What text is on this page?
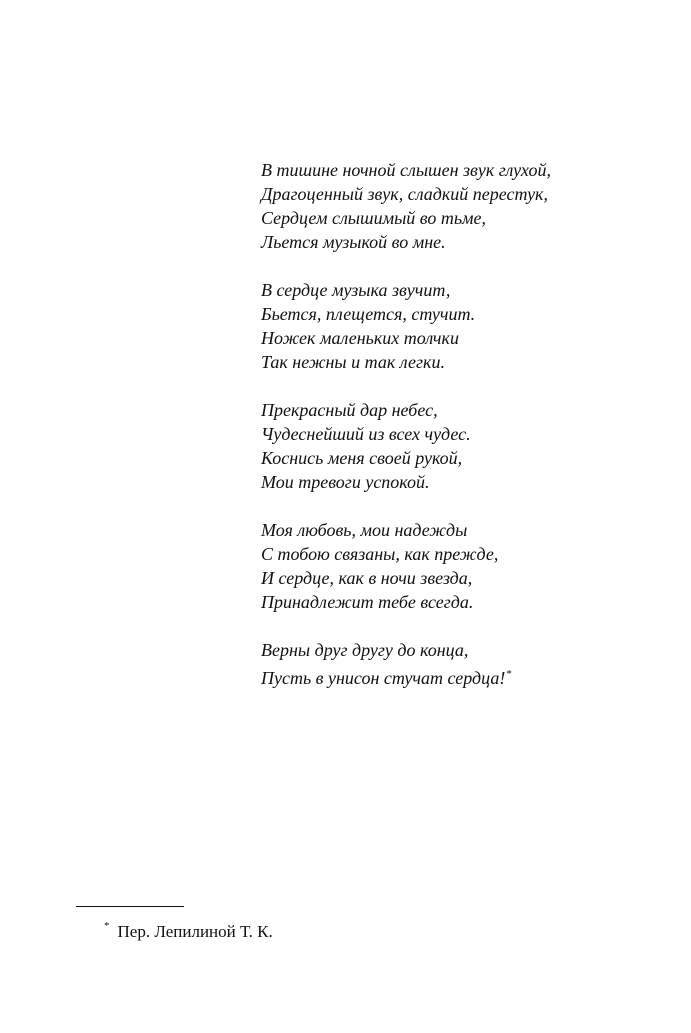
В тишине ночной слышен звук глухой,
Драгоценный звук, сладкий перестук,
Сердцем слышимый во тьме,
Льется музыкой во мне.
В сердце музыка звучит,
Бьется, плещется, стучит.
Ножек маленьких толчки
Так нежны и так легки.
Прекрасный дар небес,
Чудеснейший из всех чудес.
Коснись меня своей рукой,
Мои тревоги успокой.
Моя любовь, мои надежды
С тобою связаны, как прежде,
И сердце, как в ночи звезда,
Принадлежит тебе всегда.
Верны друг другу до конца,
Пусть в унисон стучат сердца!*
* Пер. Лепилиной Т. К.
